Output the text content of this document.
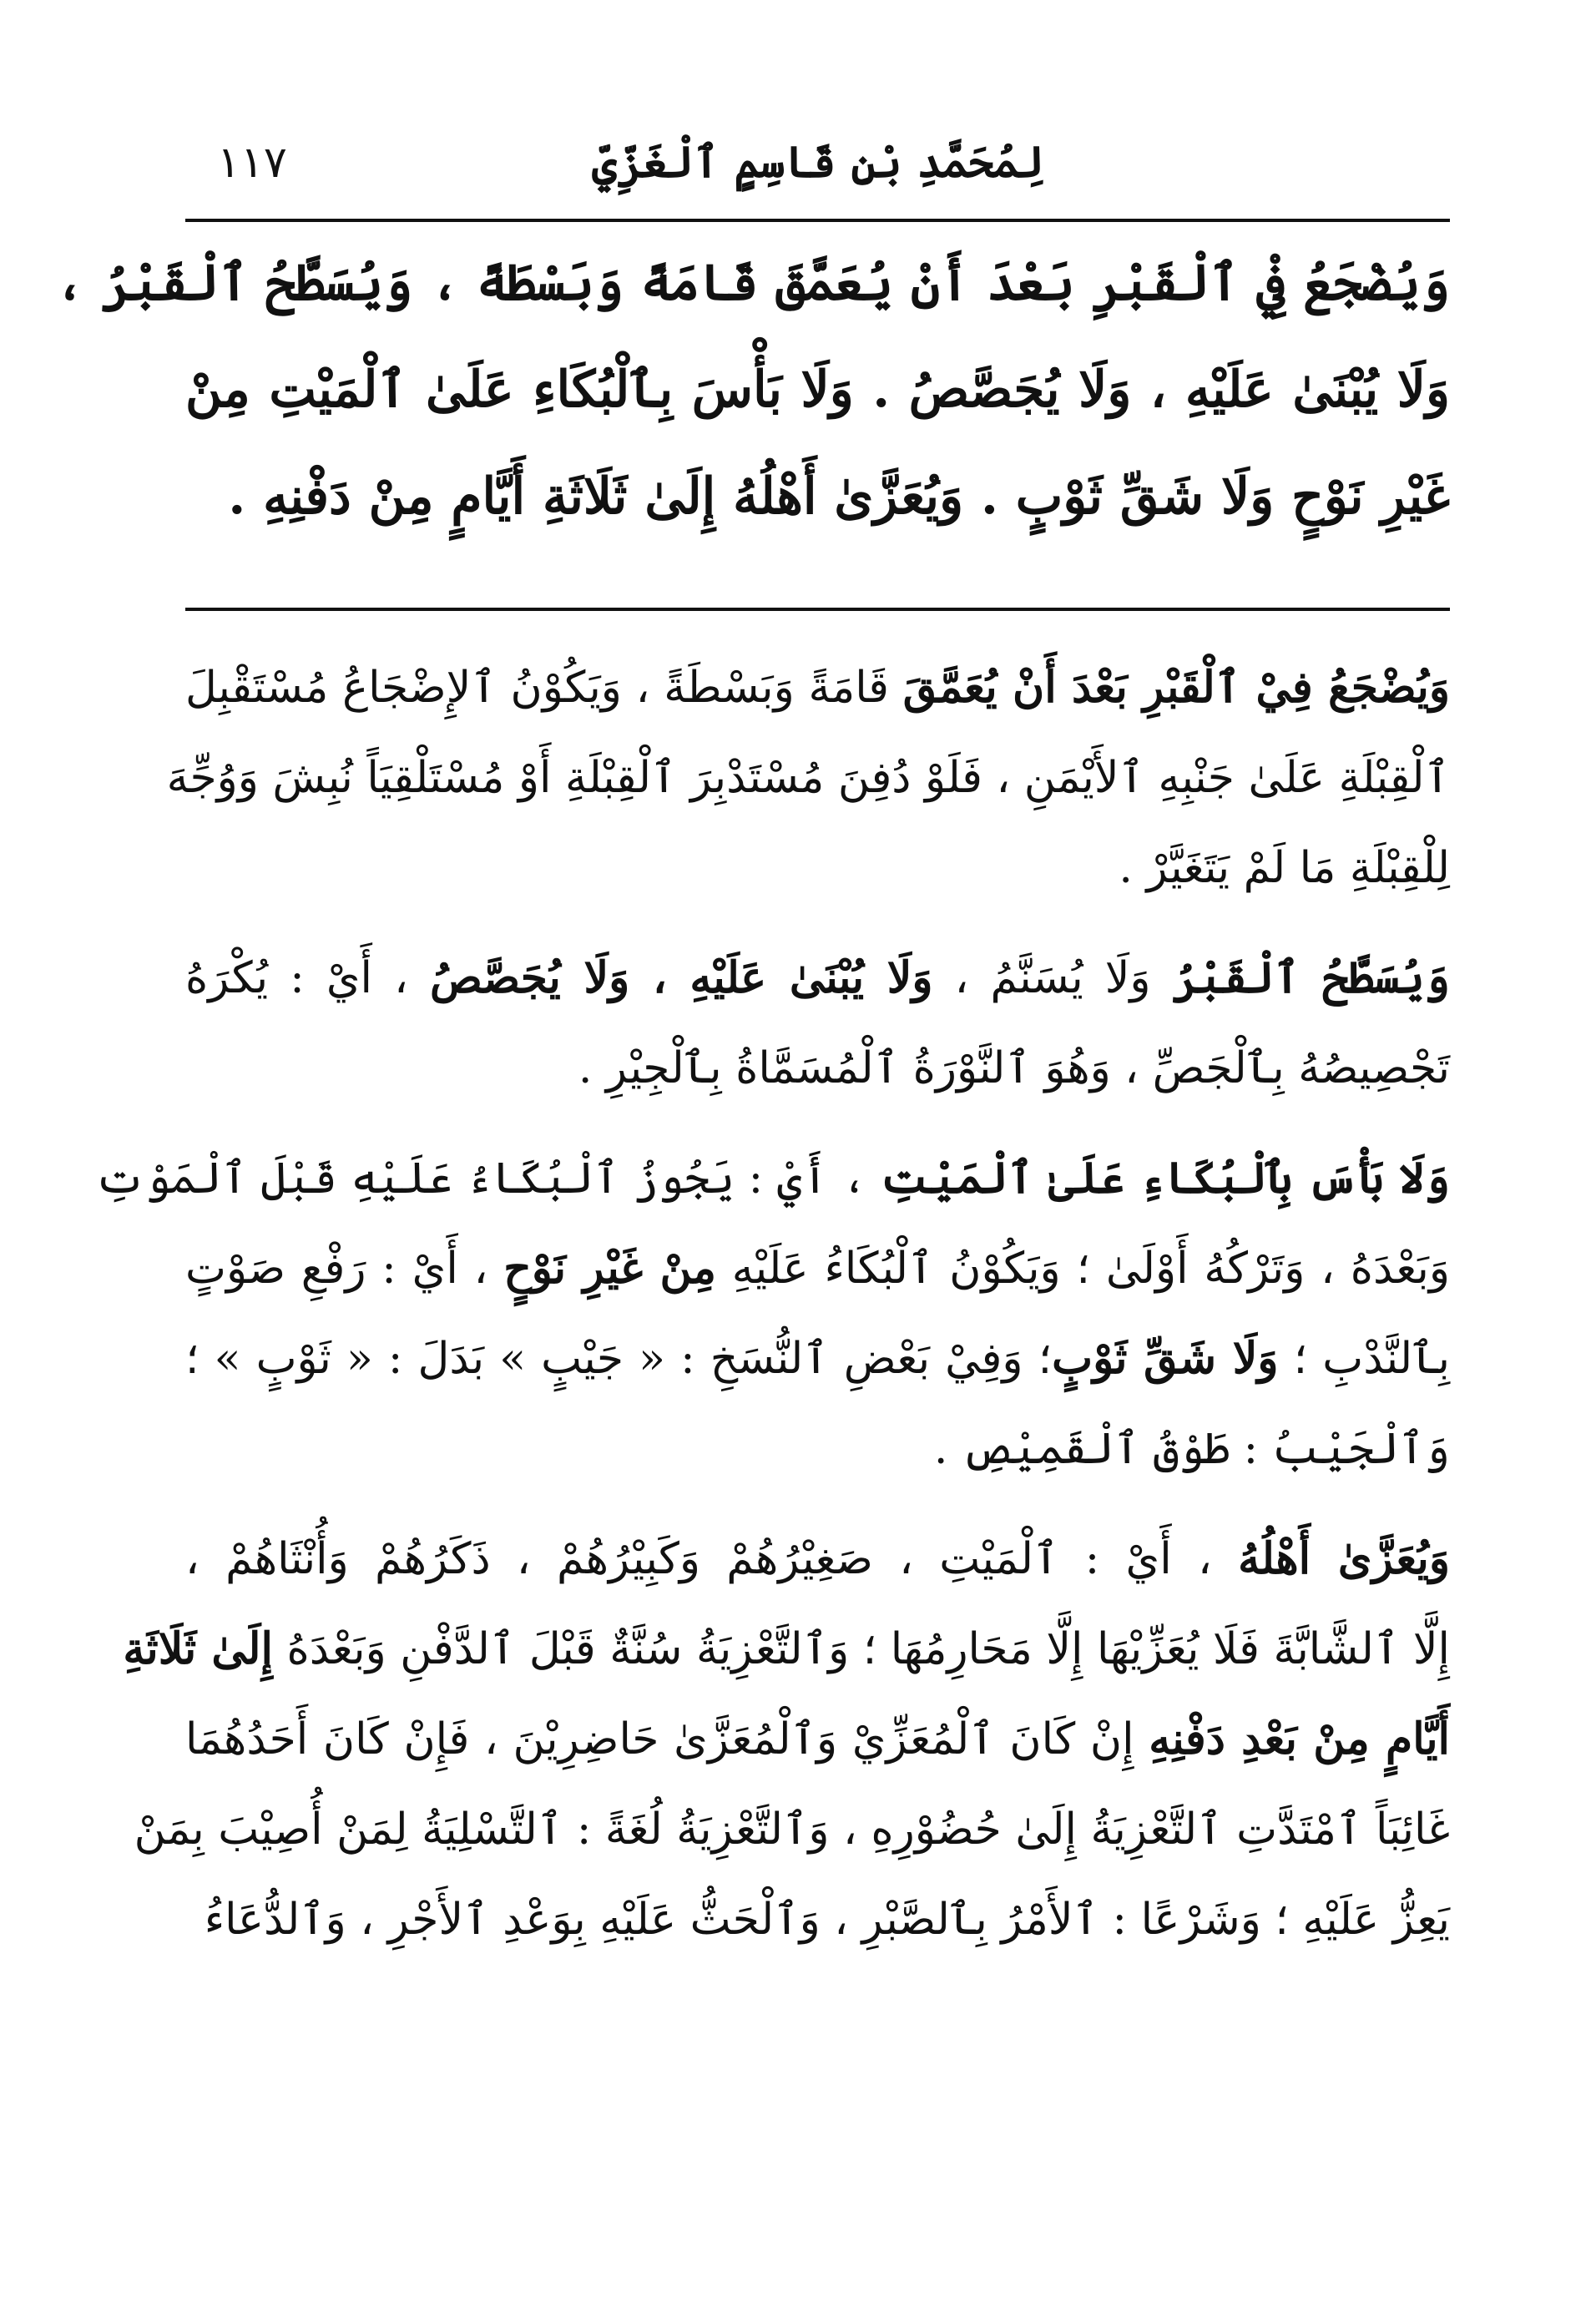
لِمُحَمَّدِ بْنِ قَاسِمٍ ٱلْغَزِّيِّ
١١٧
وَيُضْجَعُ فِيْ ٱلْقَبْرِ بَعْدَ أَنْ يُعَمَّقَ قَامَةً وَبَسْطَةً ، وَيُسَطَّحُ ٱلْقَبْرُ ،
وَلَا يُبْنَىٰ عَلَيْهِ ، وَلَا يُجَصَّصُ . وَلَا بَأْسَ بِٱلْبُكَاءِ عَلَىٰ ٱلْمَيْتِ مِنْ
غَيْرِ نَوْحٍ وَلَا شَقِّ ثَوْبٍ . وَيُعَزَّىٰ أَهْلُهُ إِلَىٰ ثَلَاثَةِ أَيَّامٍ مِنْ دَفْنِهِ .
وَيُضْجَعُ فِيْ ٱلْقَبْرِ بَعْدَ أَنْ يُعَمَّقَ قَامَةً وَبَسْطَةً ، وَيَكُوْنُ ٱلإِضْجَاعُ مُسْتَقْبِلَ
ٱلْقِبْلَةِ عَلَىٰ جَنْبِهِ ٱلأَيْمَنِ ، فَلَوْ دُفِنَ مُسْتَدْبِرَ ٱلْقِبْلَةِ أَوْ مُسْتَلْقِيَاً نُبِشَ وَوُجِّهَ
لِلْقِبْلَةِ مَا لَمْ يَتَغَيَّرْ .
وَيُسَطَّحُ ٱلْقَبْرُ وَلَا يُسَنَّمُ ، وَلَا يُبْنَىٰ عَلَيْهِ ، وَلَا يُجَصَّصُ ، أَيْ : يُكْرَهُ
تَجْصِيصُهُ بِٱلْجَصِّ ، وَهُوَ ٱلنَّوْرَةُ ٱلْمُسَمَّاةُ بِٱلْجِيْرِ .
وَلَا بَأْسَ بِٱلْبُكَاءِ عَلَىٰ ٱلْمَيْتِ ، أَيْ : يَجُوزُ ٱلْبُكَاءُ عَلَيْهِ قَبْلَ ٱلْمَوْتِ
وَبَعْدَهُ ، وَتَرْكُهُ أَوْلَىٰ ؛ وَيَكُوْنُ ٱلْبُكَاءُ عَلَيْهِ مِنْ غَيْرِ نَوْحٍ ، أَيْ : رَفْعِ صَوْتٍ
بِٱلنَّدْبِ ؛ وَلَا شَقِّ ثَوْبٍ؛ وَفِيْ بَعْضِ ٱلنُّسَخِ : « جَيْبٍ » بَدَلَ : « ثَوْبٍ » ؛
وَٱلْجَيْبُ : طَوْقُ ٱلْقَمِيْصِ .
وَيُعَزَّىٰ أَهْلُهُ ، أَيْ : ٱلْمَيْتِ ، صَغِيْرُهُمْ وَكَبِيْرُهُمْ ، ذَكَرُهُمْ وَأُنْثَاهُمْ ،
إِلَّا ٱلشَّابَّةَ فَلَا يُعَزِّيْهَا إِلَّا مَحَارِمُهَا ؛ وَٱلتَّعْزِيَةُ سُنَّةٌ قَبْلَ ٱلدَّفْنِ وَبَعْدَهُ إِلَىٰ ثَلَاثَةِ
أَيَّامٍ مِنْ بَعْدِ دَفْنِهِ إِنْ كَانَ ٱلْمُعَزِّيْ وَٱلْمُعَزَّىٰ حَاضِرِيْنَ ، فَإِنْ كَانَ أَحَدُهُمَا
غَائِبَاً ٱمْتَدَّتِ ٱلتَّعْزِيَةُ إِلَىٰ حُضُوْرِهِ ، وَٱلتَّعْزِيَةُ لُغَةً : ٱلتَّسْلِيَةُ لِمَنْ أُصِيْبَ بِمَنْ
يَعِزُّ عَلَيْهِ ؛ وَشَرْعًا : ٱلأَمْرُ بِٱلصَّبْرِ ، وَٱلْحَثُّ عَلَيْهِ بِوَعْدِ ٱلأَجْرِ ، وَٱلدُّعَاءُ
